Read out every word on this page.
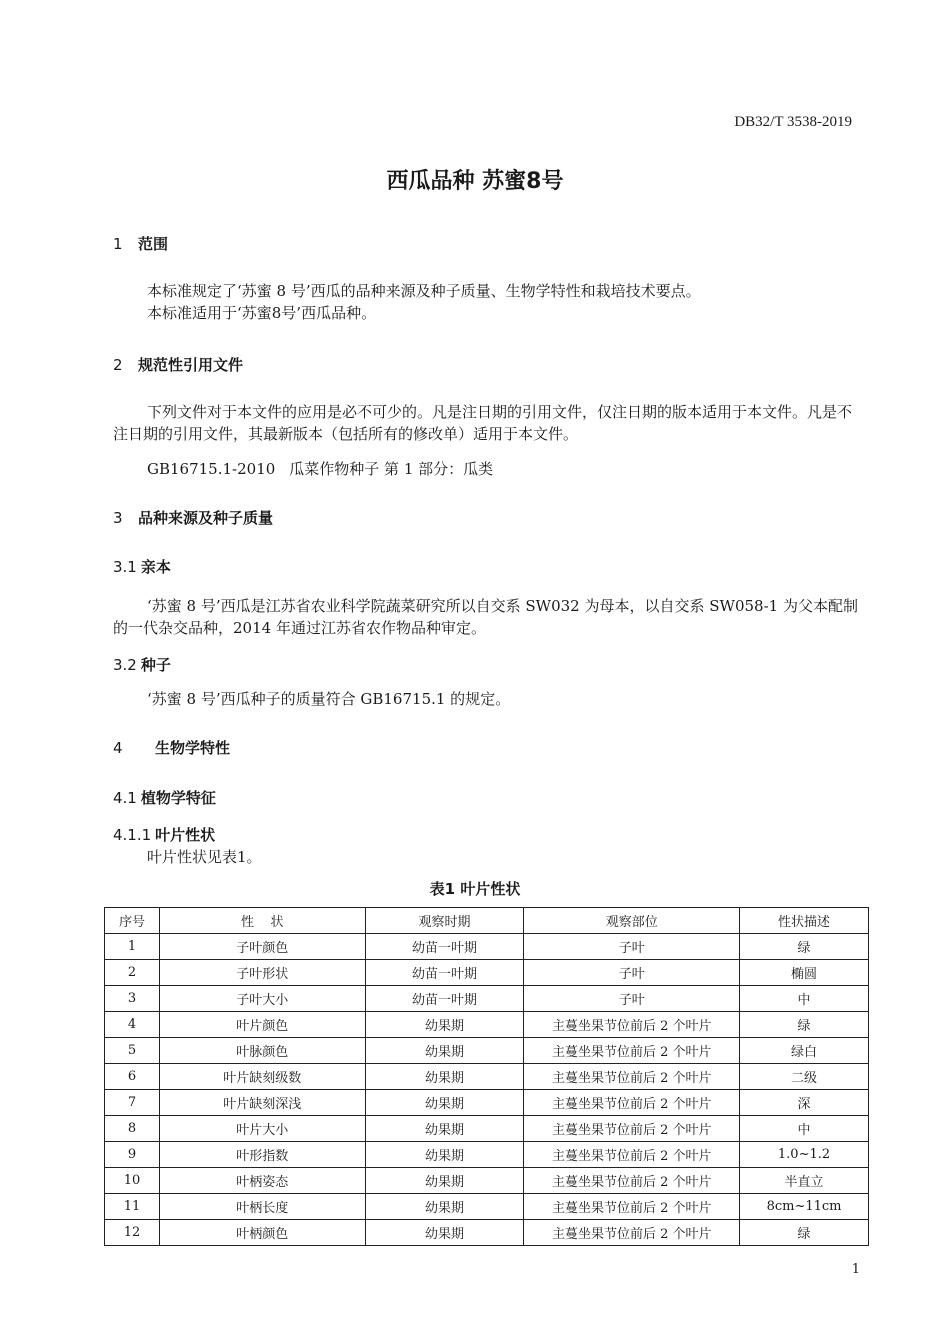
DB32/T 3538-2019
西瓜品种 苏蜜8号
1 范围
本标准规定了‘苏蜜 8 号’西瓜的品种来源及种子质量、生物学特性和栽培技术要点。
本标准适用于‘苏蜜8号’西瓜品种。
2 规范性引用文件
下列文件对于本文件的应用是必不可少的。凡是注日期的引用文件，仅注日期的版本适用于本文件。凡是不注日期的引用文件，其最新版本（包括所有的修改单）适用于本文件。
GB16715.1-2010 瓜菜作物种子 第 1 部分：瓜类
3 品种来源及种子质量
3.1 亲本
‘苏蜜 8 号’西瓜是江苏省农业科学院蔬菜研究所以自交系 SW032 为母本，以自交系 SW058-1 为父本配制的一代杂交品种，2014 年通过江苏省农作物品种审定。
3.2 种子
‘苏蜜 8 号’西瓜种子的质量符合 GB16715.1 的规定。
4 生物学特性
4.1 植物学特征
4.1.1 叶片性状
叶片性状见表1。
表1 叶片性状
序号	性    状	观察时期	观察部位	性状描述
1	子叶颜色	幼苗一叶期	子叶	绿
2	子叶形状	幼苗一叶期	子叶	椭圆
3	子叶大小	幼苗一叶期	子叶	中
4	叶片颜色	幼果期	主蔓坐果节位前后 2 个叶片	绿
5	叶脉颜色	幼果期	主蔓坐果节位前后 2 个叶片	绿白
6	叶片缺刻级数	幼果期	主蔓坐果节位前后 2 个叶片	二级
7	叶片缺刻深浅	幼果期	主蔓坐果节位前后 2 个叶片	深
8	叶片大小	幼果期	主蔓坐果节位前后 2 个叶片	中
9	叶形指数	幼果期	主蔓坐果节位前后 2 个叶片	1.0~1.2
10	叶柄姿态	幼果期	主蔓坐果节位前后 2 个叶片	半直立
11	叶柄长度	幼果期	主蔓坐果节位前后 2 个叶片	8cm~11cm
12	叶柄颜色	幼果期	主蔓坐果节位前后 2 个叶片	绿
1
